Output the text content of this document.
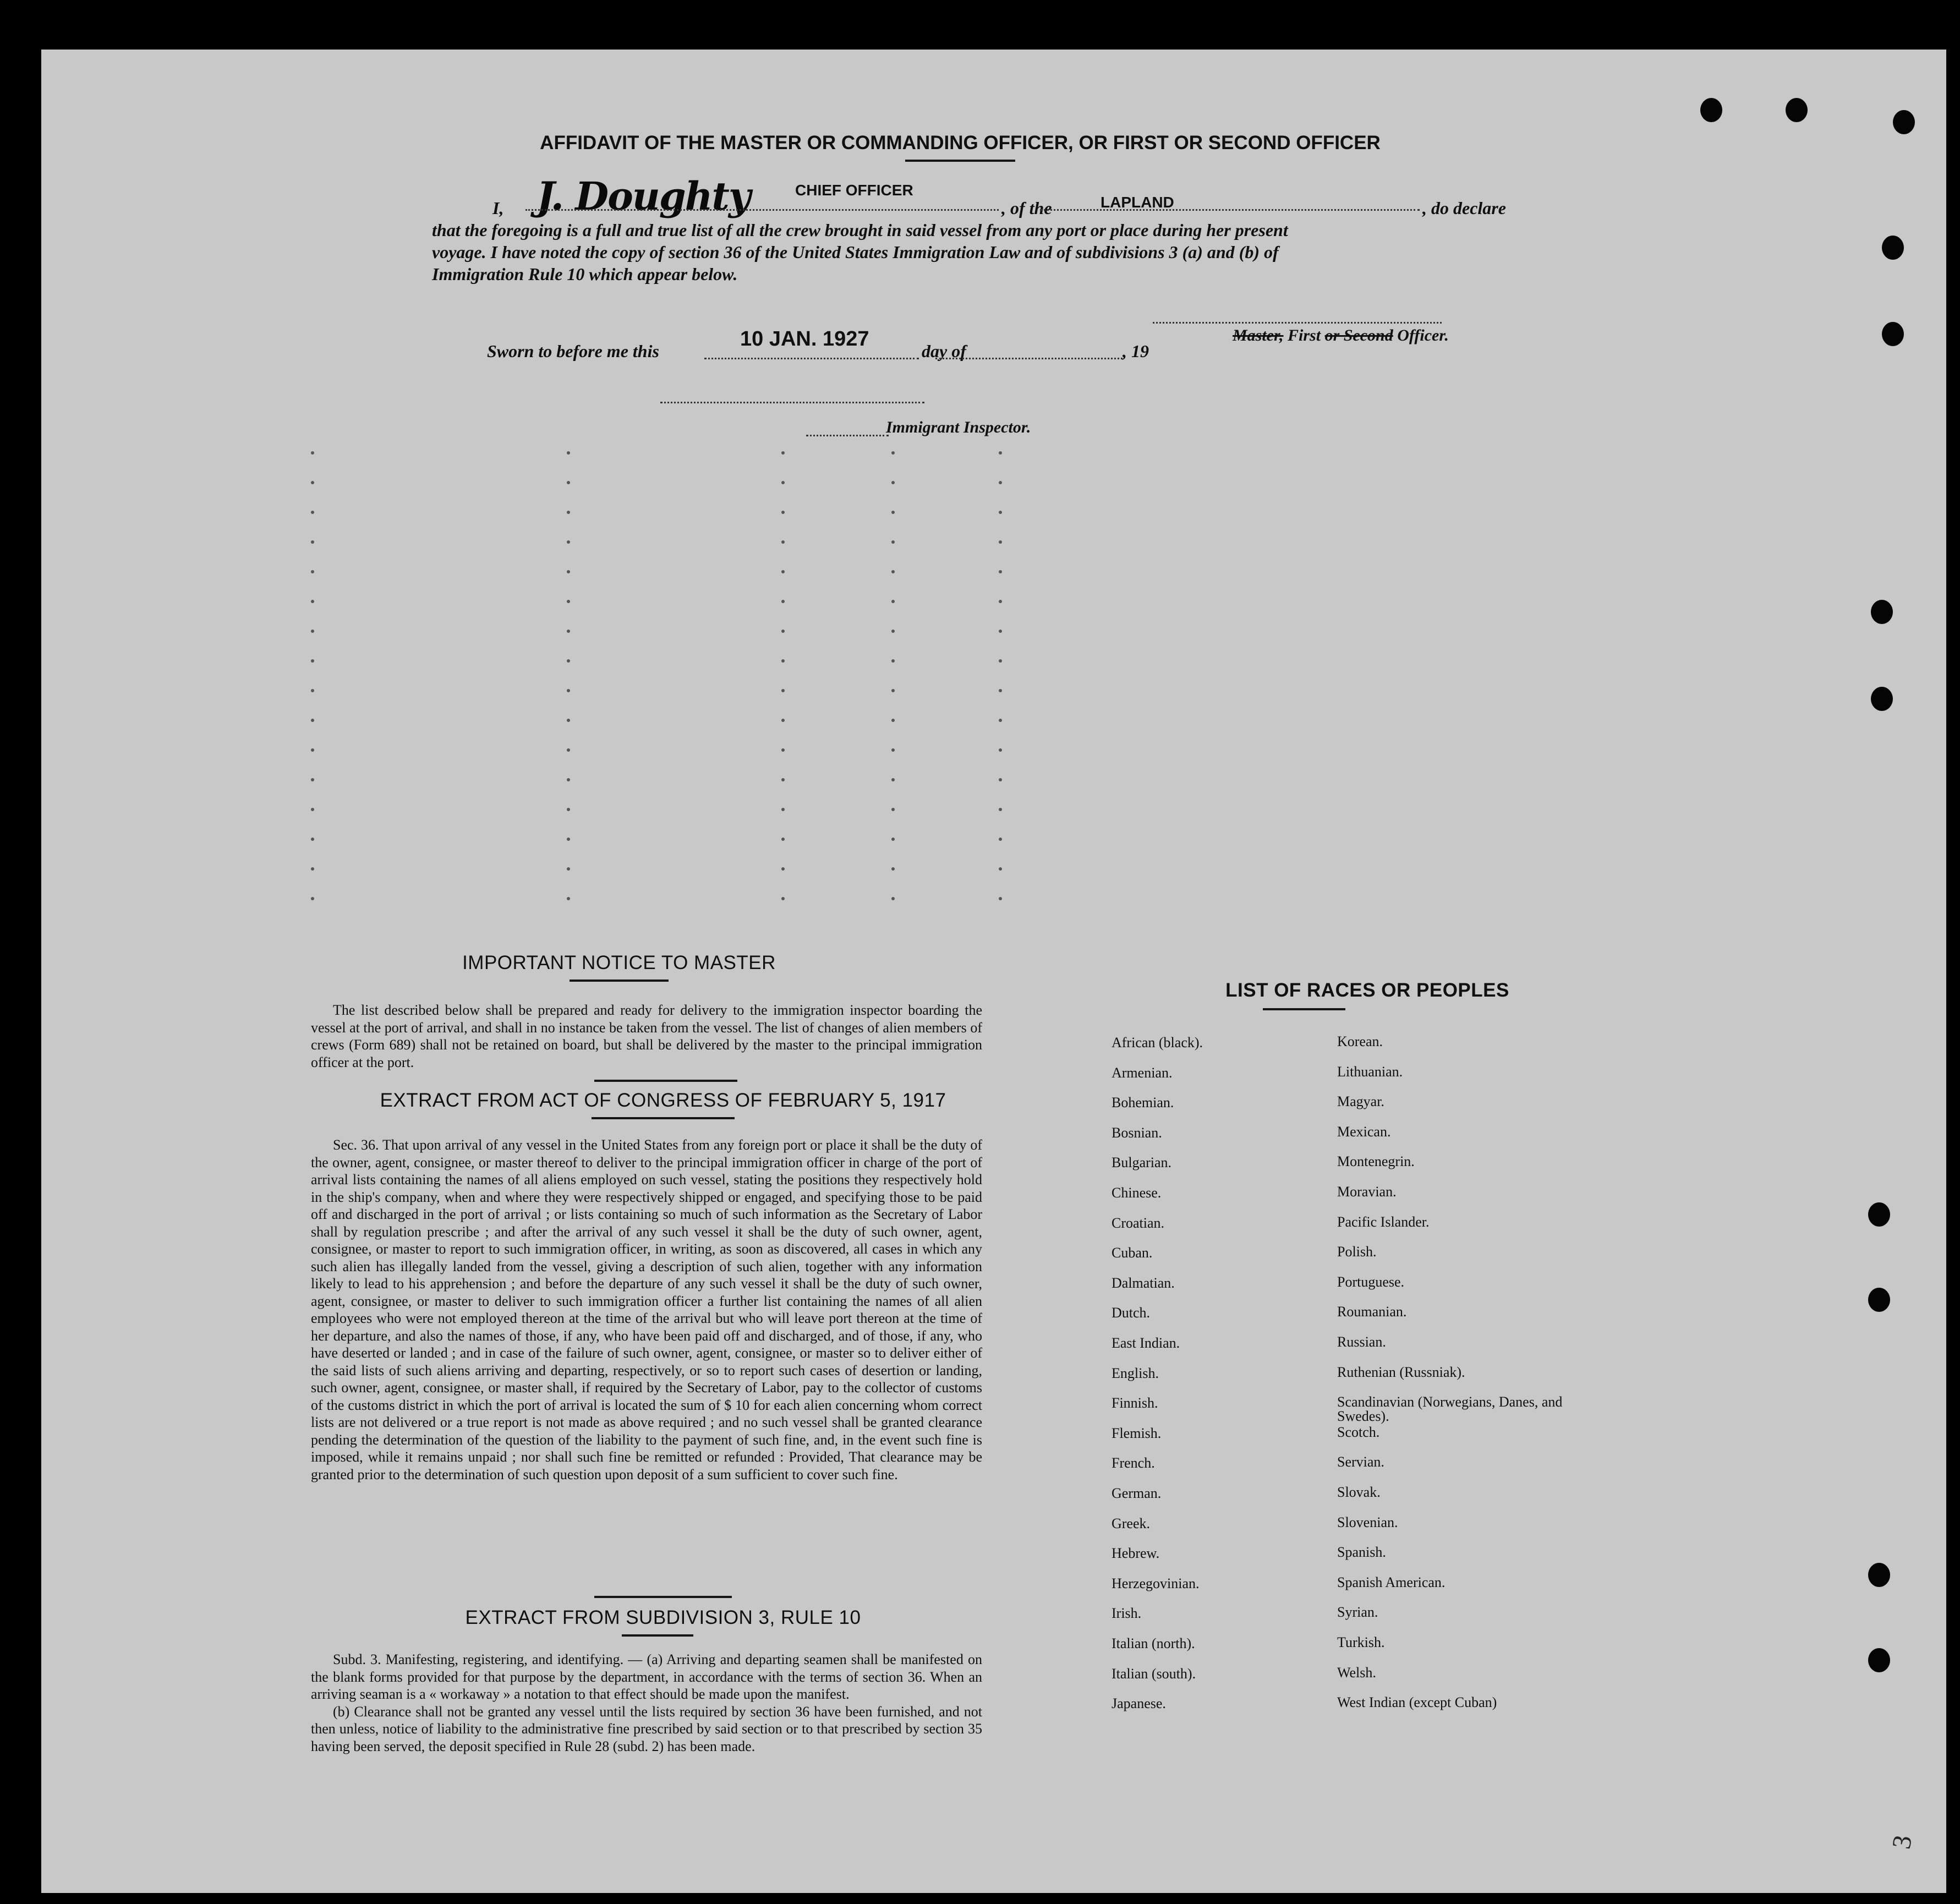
AFFIDAVIT OF THE MASTER OR COMMANDING OFFICER, OR FIRST OR SECOND OFFICER
I, J. Doughty	CHIEF OFFICER
, of the	LAPLAND	, do declare
that the foregoing is a full and true list of all the crew brought in said vessel from any port or place during her present
voyage. I have noted the copy of section 36 of the United States Immigration Law and of subdivisions 3 (a) and (b) of
Immigration Rule 10 which appear below.
Sworn to before me this
10 JAN. 1927
day of	, 19
Master, First or Second Officer.
Immigrant Inspector.
IMPORTANT NOTICE TO MASTER

The list described below shall be prepared and ready for delivery to the immigration inspector boarding the vessel at the port of arrival, and shall in no instance be taken from the vessel. The list of changes of alien members of crews (Form 689) shall not be retained on board, but shall be delivered by the master to the principal immigration officer at the port.

EXTRACT FROM ACT OF CONGRESS OF FEBRUARY 5, 1917

Sec. 36. That upon arrival of any vessel in the United States from any foreign port or place it shall be the duty of the owner, agent, consignee, or master thereof to deliver to the principal immigration officer in charge of the port of arrival lists containing the names of all aliens employed on such vessel, stating the positions they respectively hold in the ship's company, when and where they were respectively shipped or engaged, and specifying those to be paid off and discharged in the port of arrival ; or lists containing so much of such information as the Secretary of Labor shall by regulation prescribe ; and after the arrival of any such vessel it shall be the duty of such owner, agent, consignee, or master to report to such immigration officer, in writing, as soon as discovered, all cases in which any such alien has illegally landed from the vessel, giving a description of such alien, together with any information likely to lead to his apprehension ; and before the departure of any such vessel it shall be the duty of such owner, agent, consignee, or master to deliver to such immigration officer a further list containing the names of all alien employees who were not employed thereon at the time of the arrival but who will leave port thereon at the time of her departure, and also the names of those, if any, who have been paid off and discharged, and of those, if any, who have deserted or landed ; and in case of the failure of such owner, agent, consignee, or master so to deliver either of the said lists of such aliens arriving and departing, respectively, or so to report such cases of desertion or landing, such owner, agent, consignee, or master shall, if required by the Secretary of Labor, pay to the collector of customs of the customs district in which the port of arrival is located the sum of $ 10 for each alien concerning whom correct lists are not delivered or a true report is not made as above required ; and no such vessel shall be granted clearance pending the determination of the question of the liability to the payment of such fine, and, in the event such fine is imposed, while it remains unpaid ; nor shall such fine be remitted or refunded : Provided, That clearance may be granted prior to the determination of such question upon deposit of a sum sufficient to cover such fine.

EXTRACT FROM SUBDIVISION 3, RULE 10

Subd. 3. Manifesting, registering, and identifying. — (a) Arriving and departing seamen shall be manifested on the blank forms provided for that purpose by the department, in accordance with the terms of section 36. When an arriving seaman is a « workaway » a notation to that effect should be made upon the manifest.

(b) Clearance shall not be granted any vessel until the lists required by section 36 have been furnished, and not then unless, notice of liability to the administrative fine prescribed by said section or to that prescribed by section 35 having been served, the deposit specified in Rule 28 (subd. 2) has been made.

LIST OF RACES OR PEOPLES
African (black).	Korean.
Armenian.	Lithuanian.
Bohemian.	Magyar.
Bosnian.	Mexican.
Bulgarian.	Montenegrin.
Chinese.	Moravian.
Croatian.	Pacific Islander.
Cuban.	Polish.
Dalmatian.	Portuguese.
Dutch.	Roumanian.
East Indian.	Russian.
English.	Ruthenian (Russniak).
Finnish.	Scandinavian (Norwegians, Danes, and Swedes).
Flemish.	Scotch.
French.	Servian.
German.	Slovak.
Greek.	Slovenian.
Hebrew.	Spanish.
Herzegovinian.	Spanish American.
Irish.	Syrian.
Italian (north).	Turkish.
Italian (south).	Welsh.
Japanese.	West Indian (except Cuban)
3
